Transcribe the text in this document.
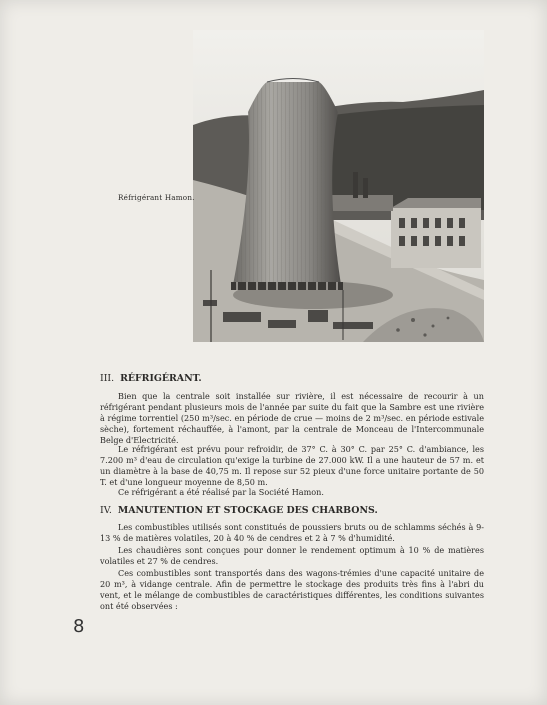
Réfrigérant Hamon.
III. RÉFRIGÉRANT.
Bien que la centrale soit installée sur rivière, il est nécessaire de recourir à un réfrigérant pendant plusieurs mois de l'année par suite du fait que la Sambre est une rivière à régime torrentiel (250 m³/sec. en période de crue — moins de 2 m³/sec. en période estivale sèche), fortement réchauffée, à l'amont, par la centrale de Monceau de l'Intercommunale Belge d'Electricité.
Le réfrigérant est prévu pour refroidir, de 37° C. à 30° C. par 25° C. d'ambiance, les 7.200 m³ d'eau de circulation qu'exige la turbine de 27.000 kW. Il a une hauteur de 57 m. et un diamètre à la base de 40,75 m. Il repose sur 52 pieux d'une force unitaire portante de 50 T. et d'une longueur moyenne de 8,50 m.
Ce réfrigérant a été réalisé par la Société Hamon.
IV. MANUTENTION ET STOCKAGE DES CHARBONS.
Les combustibles utilisés sont constitués de poussiers bruts ou de schlamms séchés à 9-13 % de matières volatiles, 20 à 40 % de cendres et 2 à 7 % d'humidité.
Les chaudières sont conçues pour donner le rendement optimum à 10 % de matières volatiles et 27 % de cendres.
Ces combustibles sont transportés dans des wagons-trémies d'une capacité unitaire de 20 m³, à vidange centrale. Afin de permettre le stockage des produits très fins à l'abri du vent, et le mélange de combustibles de caractéristiques différentes, les conditions suivantes ont été observées :
8
